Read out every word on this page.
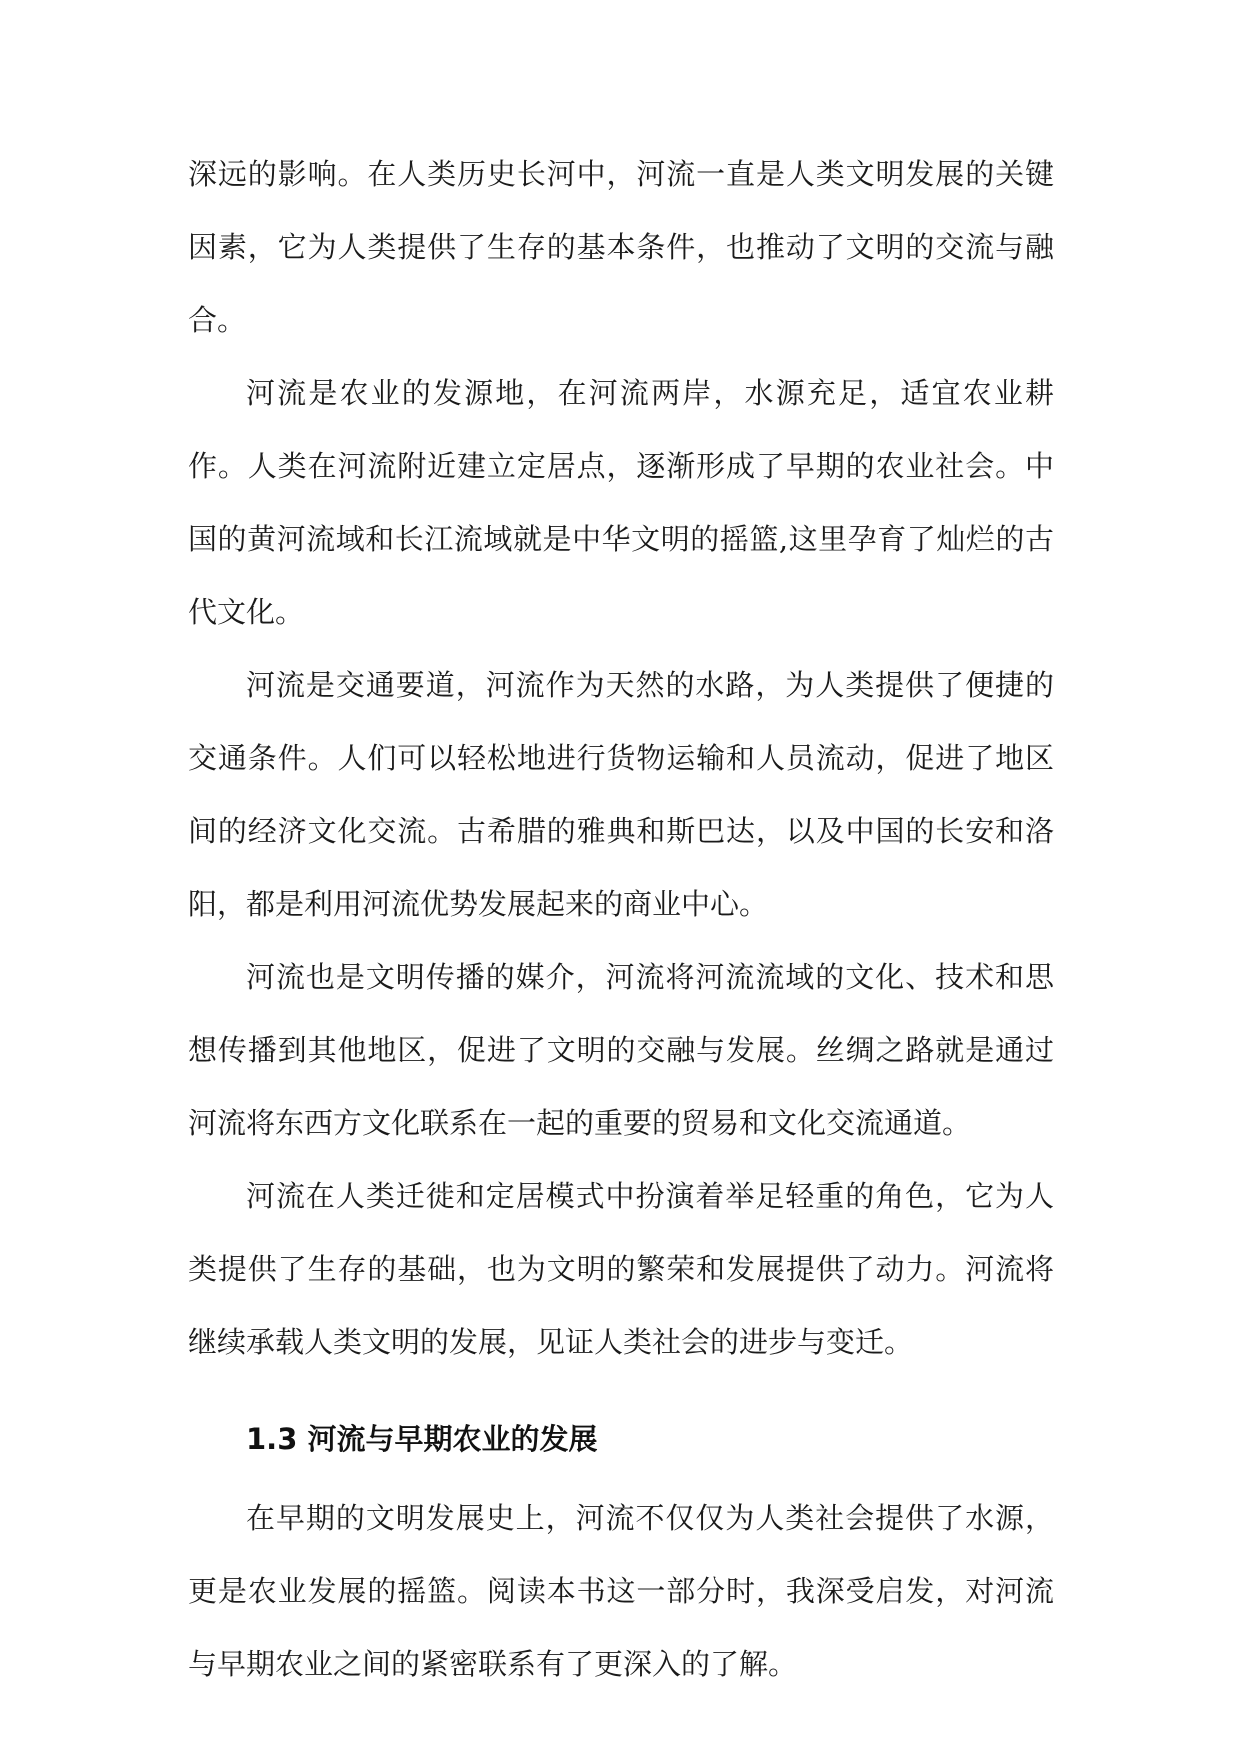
深远的影响。在人类历史长河中，河流一直是人类文明发展的关键因素，它为人类提供了生存的基本条件，也推动了文明的交流与融合。

河流是农业的发源地，在河流两岸，水源充足，适宜农业耕作。人类在河流附近建立定居点，逐渐形成了早期的农业社会。中国的黄河流域和长江流域就是中华文明的摇篮,这里孕育了灿烂的古代文化。

河流是交通要道，河流作为天然的水路，为人类提供了便捷的交通条件。人们可以轻松地进行货物运输和人员流动，促进了地区间的经济文化交流。古希腊的雅典和斯巴达，以及中国的长安和洛阳，都是利用河流优势发展起来的商业中心。

河流也是文明传播的媒介，河流将河流流域的文化、技术和思想传播到其他地区，促进了文明的交融与发展。丝绸之路就是通过河流将东西方文化联系在一起的重要的贸易和文化交流通道。

河流在人类迁徙和定居模式中扮演着举足轻重的角色，它为人类提供了生存的基础，也为文明的繁荣和发展提供了动力。河流将继续承载人类文明的发展，见证人类社会的进步与变迁。

1.3 河流与早期农业的发展

在早期的文明发展史上，河流不仅仅为人类社会提供了水源，更是农业发展的摇篮。阅读本书这一部分时，我深受启发，对河流与早期农业之间的紧密联系有了更深入的了解。
